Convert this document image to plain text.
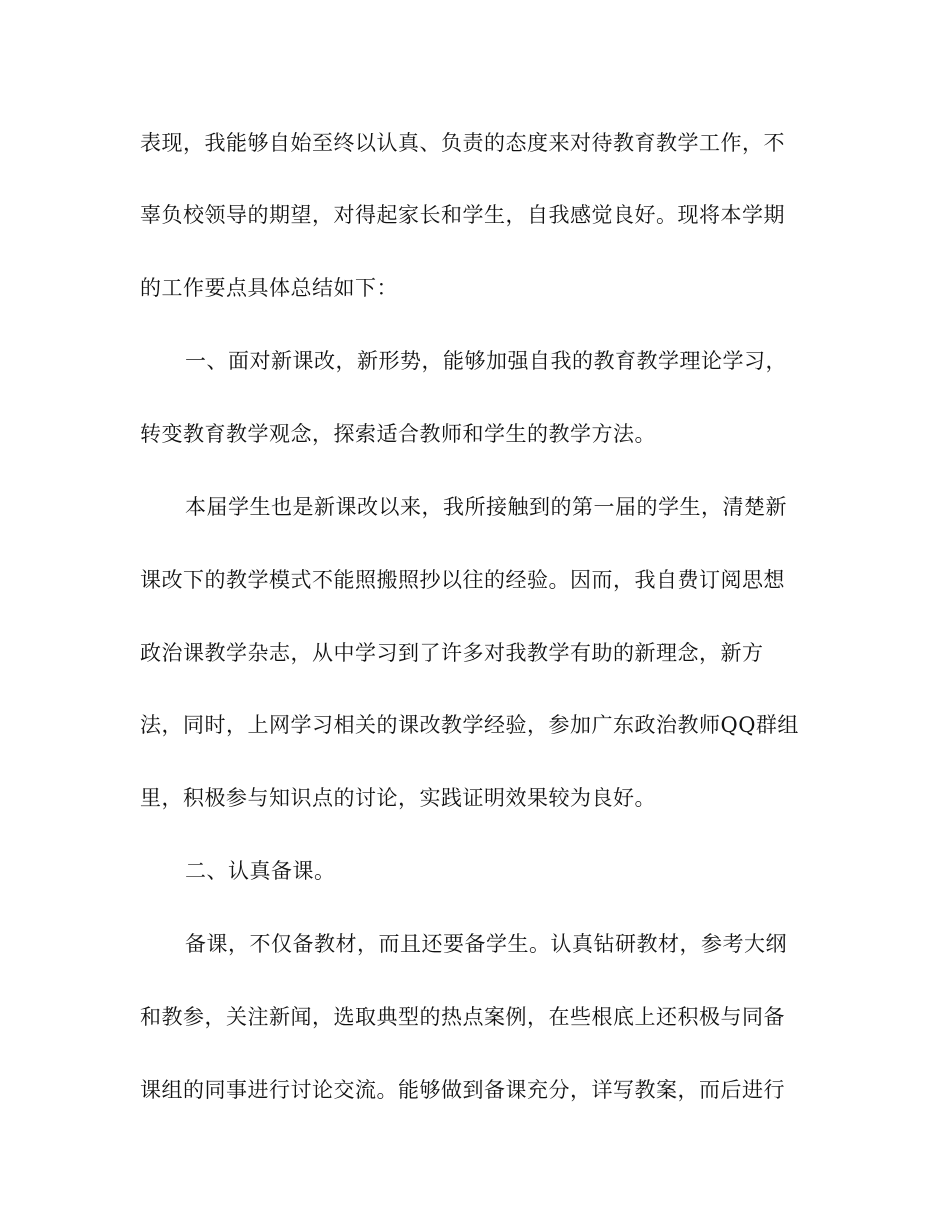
表现，我能够自始至终以认真、负责的态度来对待教育教学工作，不
辜负校领导的期望，对得起家长和学生，自我感觉良好。现将本学期
的工作要点具体总结如下：
一、面对新课改，新形势，能够加强自我的教育教学理论学习，
转变教育教学观念，探索适合教师和学生的教学方法。
本届学生也是新课改以来，我所接触到的第一届的学生，清楚新
课改下的教学模式不能照搬照抄以往的经验。因而，我自费订阅思想
政治课教学杂志，从中学习到了许多对我教学有助的新理念，新方
法，同时，上网学习相关的课改教学经验，参加广东政治教师QQ群组
里，积极参与知识点的讨论，实践证明效果较为良好。
二、认真备课。
备课，不仅备教材，而且还要备学生。认真钻研教材，参考大纲
和教参，关注新闻，选取典型的热点案例，在些根底上还积极与同备
课组的同事进行讨论交流。能够做到备课充分，详写教案，而后进行
